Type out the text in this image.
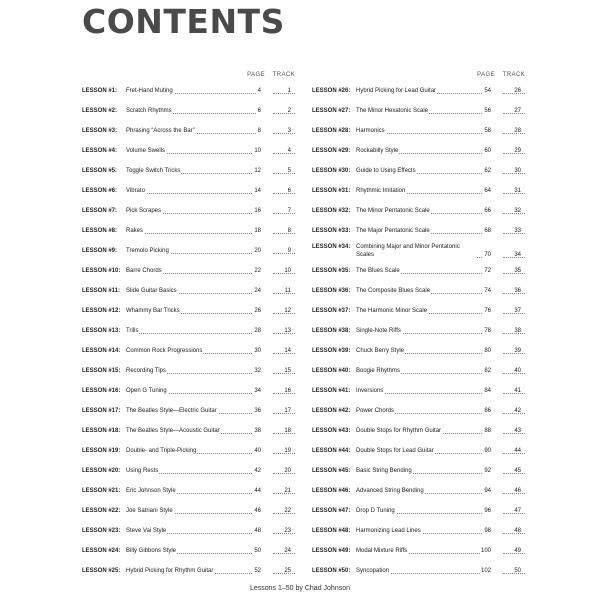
CONTENTS
PAGE TRACK
LESSON #1: Fret-Hand Muting	4	1
LESSON #2: Scratch Rhythms	6	2
LESSON #3: Phrasing “Across the Bar”	8	3
LESSON #4: Volume Swells	10	4
LESSON #5: Toggle Switch Tricks	12	5
LESSON #6: Vibrato	14	6
LESSON #7: Pick Scrapes	16	7
LESSON #8: Rakes	18	8
LESSON #9: Tremolo Picking	20	9
LESSON #10: Barre Chords	22	10
LESSON #11: Slide Guitar Basics	24	11
LESSON #12: Whammy Bar Tricks	26	12
LESSON #13: Trills	28	13
LESSON #14: Common Rock Progressions	30	14
LESSON #15: Recording Tips	32	15
LESSON #16: Open G Tuning	34	16
LESSON #17: The Beatles Style—Electric Guitar	36	17
LESSON #18: The Beatles Style—Acoustic Guitar	38	18
LESSON #19: Double- and Triple-Picking	40	19
LESSON #20: Using Rests	42	20
LESSON #21: Eric Johnson Style	44	21
LESSON #22: Joe Satriani Style	46	22
LESSON #23: Steve Vai Style	48	23
LESSON #24: Billy Gibbons Style	50	24
LESSON #25: Hybrid Picking for Rhythm Guitar	52	25
PAGE TRACK
LESSON #26: Hybrid Picking for Lead Guitar	54	26
LESSON #27: The Minor Hexatonic Scale	56	27
LESSON #28: Harmonics	58	28
LESSON #29: Rockabilly Style	60	29
LESSON #30: Guide to Using Effects	62	30
LESSON #31: Rhythmic Imitation	64	31
LESSON #32: The Minor Pentatonic Scale	66	32
LESSON #33: The Major Pentatonic Scale	68	33
LESSON #34: Combining Major and Minor Pentatonic Scales	70	34
LESSON #35: The Blues Scale	72	35
LESSON #36: The Composite Blues Scale	74	36
LESSON #37: The Harmonic Minor Scale	76	37
LESSON #38: Single-Note Riffs	78	38
LESSON #39: Chuck Berry Style	80	39
LESSON #40: Boogie Rhythms	82	40
LESSON #41: Inversions	84	41
LESSON #42: Power Chords	86	42
LESSON #43: Double Stops for Rhythm Guitar	88	43
LESSON #44: Double Stops for Lead Guitar	90	44
LESSON #45: Basic String Bending	92	45
LESSON #46: Advanced String Bending	94	46
LESSON #47: Drop D Tuning	96	47
LESSON #48: Harmonizing Lead Lines	98	48
LESSON #49: Modal Mixture Riffs	100	49
LESSON #50: Syncopation	102	50
Lessons 1–50 by Chad Johnson
